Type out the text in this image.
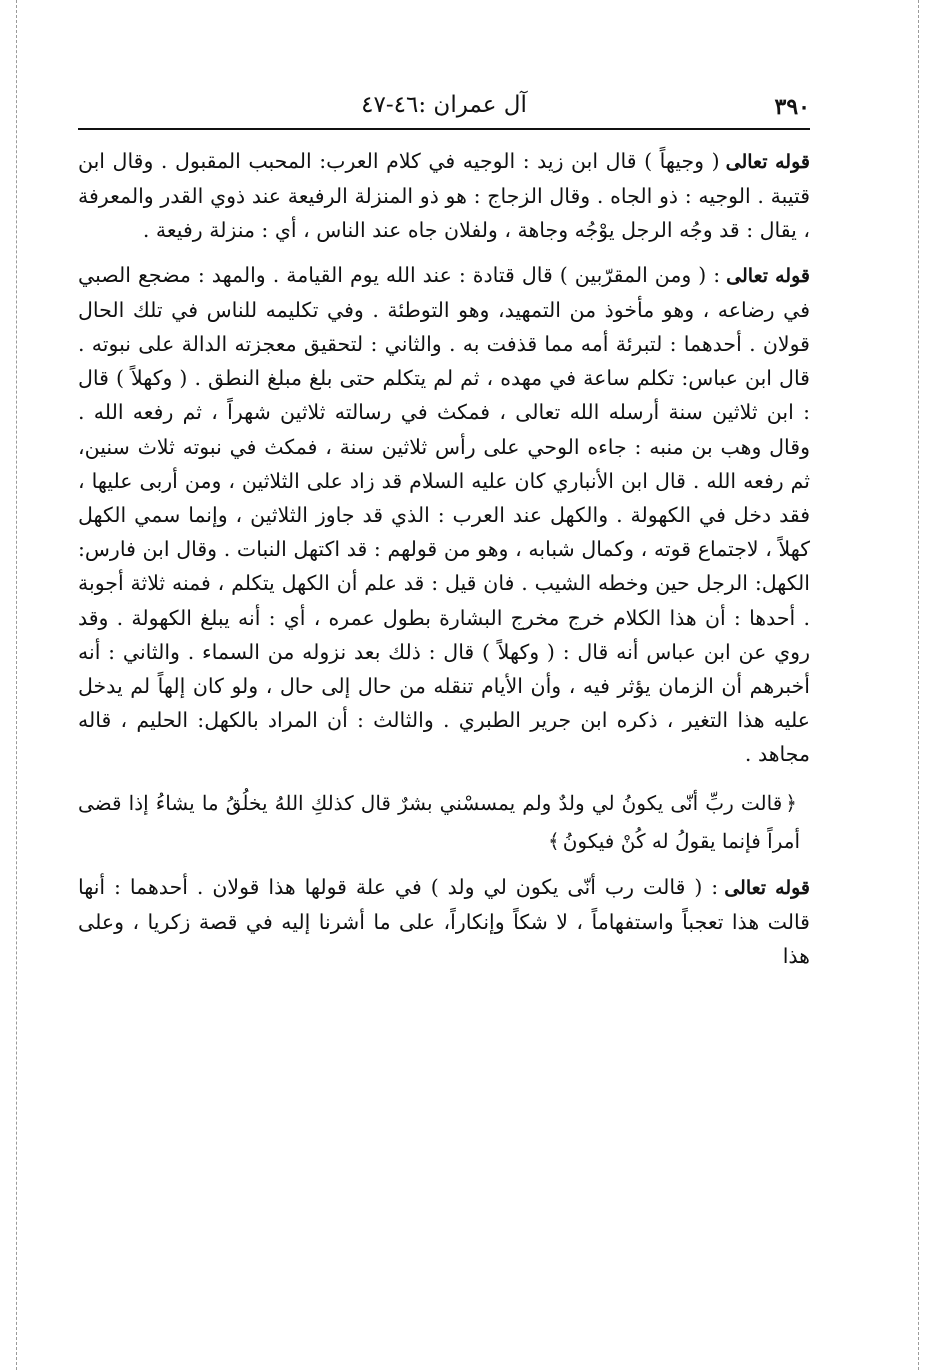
٣٩٠
آل عمران :٤٦-٤٧

قوله تعالى( وجيهاً ) قال ابن زيد : الوجيه في كلام العرب: المحبب المقبول . وقال ابن قتيبة . الوجيه : ذو الجاه . وقال الزجاج : هو ذو المنزلة الرفيعة عند ذوي القدر والمعرفة ، يقال : قد وجُه الرجل يوْجُه وجاهة ، ولفلان جاه عند الناس ، أي : منزلة رفيعة .

قوله تعالى: ( ومن المقرّبين ) قال قتادة : عند الله يوم القيامة . والمهد : مضجع الصبي في رضاعه ، وهو مأخوذ من التمهيد، وهو التوطئة . وفي تكليمه للناس في تلك الحال قولان . أحدهما : لتبرئة أمه مما قذفت به . والثاني : لتحقيق معجزته الدالة على نبوته . قال ابن عباس: تكلم ساعة في مهده ، ثم لم يتكلم حتى بلغ مبلغ النطق . ( وكهلاً ) قال : ابن ثلاثين سنة أرسله الله تعالى ، فمكث في رسالته ثلاثين شهراً ، ثم رفعه الله . وقال وهب بن منبه : جاءه الوحي على رأس ثلاثين سنة ، فمكث في نبوته ثلاث سنين، ثم رفعه الله . قال ابن الأنباري كان عليه السلام قد زاد على الثلاثين ، ومن أربى عليها ، فقد دخل في الكهولة . والكهل عند العرب : الذي قد جاوز الثلاثين ، وإنما سمي الكهل كهلاً ، لاجتماع قوته ، وكمال شبابه ، وهو من قولهم : قد اكتهل النبات . وقال ابن فارس: الكهل: الرجل حين وخطه الشيب . فان قيل : قد علم أن الكهل يتكلم ، فمنه ثلاثة أجوبة . أحدها : أن هذا الكلام خرج مخرج البشارة بطول عمره ، أي : أنه يبلغ الكهولة . وقد روي عن ابن عباس أنه قال : ( وكهلاً ) قال : ذلك بعد نزوله من السماء . والثاني : أنه أخبرهم أن الزمان يؤثر فيه ، وأن الأيام تنقله من حال إلى حال ، ولو كان إلهاً لم يدخل عليه هذا التغير ، ذكره ابن جرير الطبري . والثالث : أن المراد بالكهل: الحليم ، قاله مجاهد .

﴿قالت ربِّ أنّى يكونُ لي ولدٌ ولم يمسسْني بشرٌ قال كذلكِ اللهُ يخلُقُ ما يشاءُ إذا قضى أمراً فإنما يقولُ له كُنْ فيكونُ﴾

قوله تعالى: ( قالت رب أنّى يكون لي ولد ) في علة قولها هذا قولان . أحدهما : أنها قالت هذا تعجباً واستفهاماً ، لا شكاً وإنكاراً، على ما أشرنا إليه في قصة زكريا ، وعلى هذا
